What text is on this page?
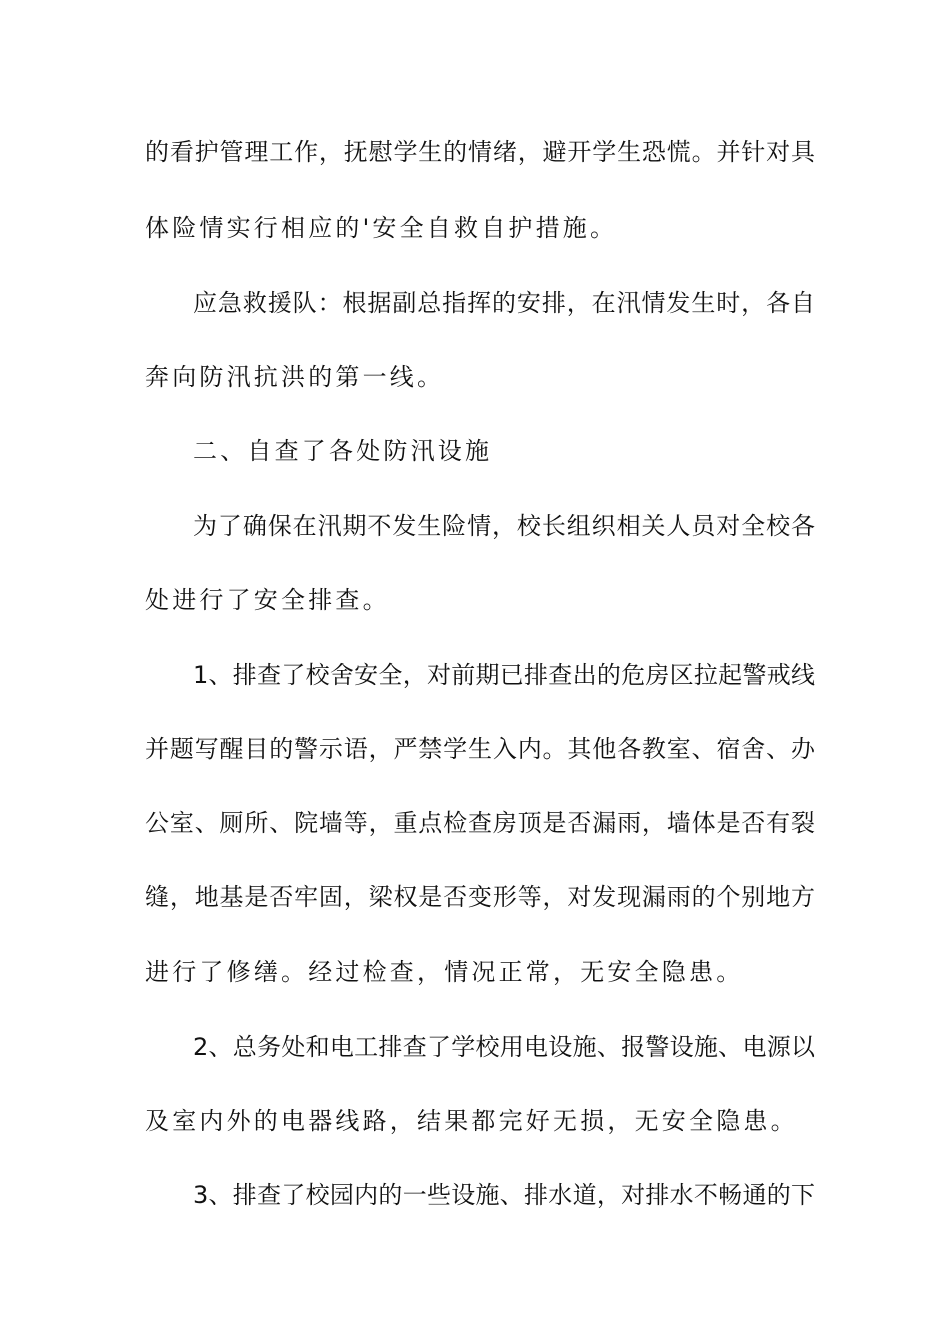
的看护管理工作，抚慰学生的情绪，避开学生恐慌。并针对具
体险情实行相应的'安全自救自护措施。
应急救援队：根据副总指挥的安排，在汛情发生时，各自
奔向防汛抗洪的第一线。
二、自查了各处防汛设施
为了确保在汛期不发生险情，校长组织相关人员对全校各
处进行了安全排查。
1、排查了校舍安全，对前期已排查出的危房区拉起警戒线
并题写醒目的警示语，严禁学生入内。其他各教室、宿舍、办
公室、厕所、院墙等，重点检查房顶是否漏雨，墙体是否有裂
缝，地基是否牢固，梁权是否变形等，对发现漏雨的个别地方
进行了修缮。经过检查，情况正常，无安全隐患。
2、总务处和电工排查了学校用电设施、报警设施、电源以
及室内外的电器线路，结果都完好无损，无安全隐患。
3、排查了校园内的一些设施、排水道，对排水不畅通的下
